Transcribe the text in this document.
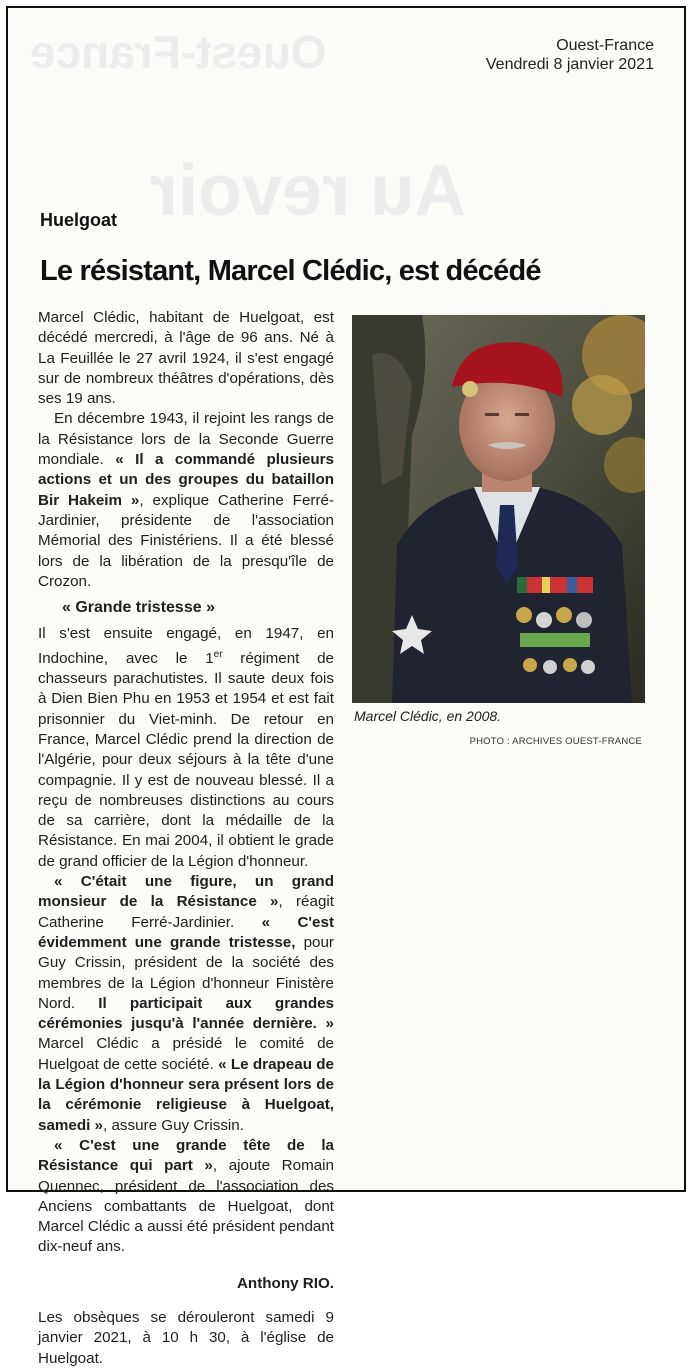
Ouest-France
Au revoir
Ouest-France
Vendredi 8 janvier 2021
Huelgoat
Le résistant, Marcel Clédic, est décédé

Marcel Clédic, habitant de Huelgoat, est décédé mercredi, à l'âge de 96 ans. Né à La Feuillée le 27 avril 1924, il s'est engagé sur de nombreux théâtres d'opérations, dès ses 19 ans.

En décembre 1943, il rejoint les rangs de la Résistance lors de la Seconde Guerre mondiale. « Il a commandé plusieurs actions et un des groupes du bataillon Bir Hakeim », explique Catherine Ferré-Jardinier, présidente de l'association Mémorial des Finistériens. Il a été blessé lors de la libération de la presqu'île de Crozon.

« Grande tristesse »

Il s'est ensuite engagé, en 1947, en Indochine, avec le 1er régiment de chasseurs parachutistes. Il saute deux fois à Dien Bien Phu en 1953 et 1954 et est fait prisonnier du Viet-minh. De retour en France, Marcel Clédic prend la direction de l'Algérie, pour deux séjours à la tête d'une compagnie. Il y est de nouveau blessé. Il a reçu de nombreuses distinctions au cours de sa carrière, dont la médaille de la Résistance. En mai 2004, il obtient le grade de grand officier de la Légion d'honneur.

« C'était une figure, un grand monsieur de la Résistance », réagit Catherine Ferré-Jardinier. « C'est évidemment une grande tristesse, pour Guy Crissin, président de la société des membres de la Légion d'honneur Finistère Nord. Il participait aux grandes cérémonies jusqu'à l'année dernière. » Marcel Clédic a présidé le comité de Huelgoat de cette société. « Le drapeau de la Légion d'honneur sera présent lors de la cérémonie religieuse à Huelgoat, samedi », assure Guy Crissin.

« C'est une grande tête de la Résistance qui part », ajoute Romain Quennec, président de l'association des Anciens combattants de Huelgoat, dont Marcel Clédic a aussi été président pendant dix-neuf ans.

Anthony RIO.

Les obsèques se dérouleront samedi 9 janvier 2021, à 10 h 30, à l'église de Huelgoat.

Marcel Clédic, en 2008.
PHOTO : ARCHIVES OUEST-FRANCE
